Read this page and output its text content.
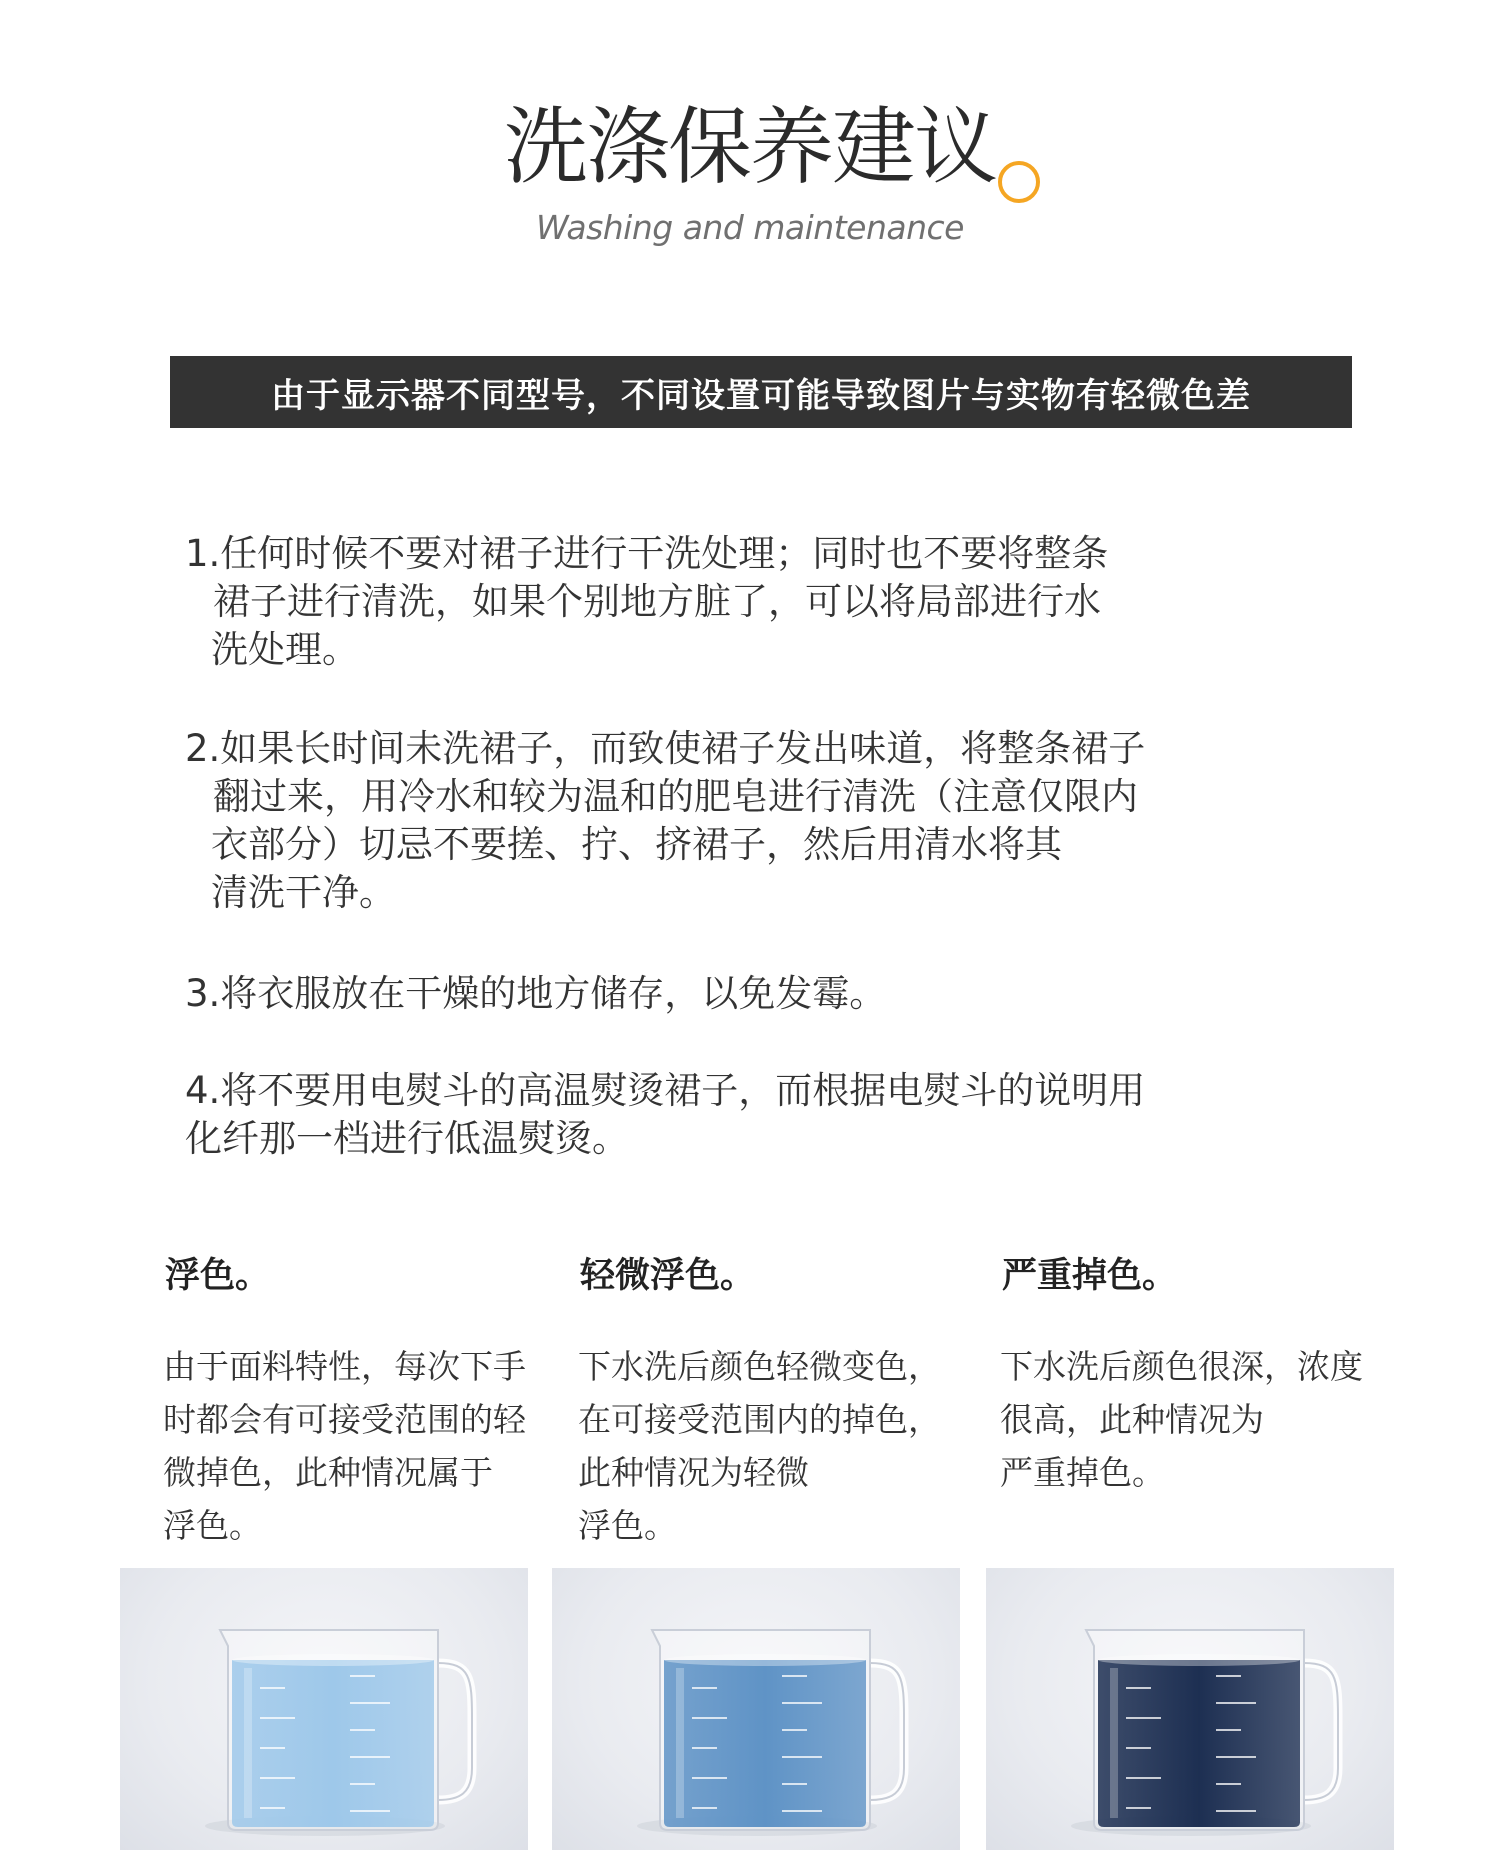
洗涤保养建议
Washing and maintenance
由于显示器不同型号，不同设置可能导致图片与实物有轻微色差

1.任何时候不要对裙子进行干洗处理；同时也不要将整条
裙子进行清洗，如果个别地方脏了，可以将局部进行水
洗处理。

2.如果长时间未洗裙子，而致使裙子发出味道，将整条裙子
翻过来，用冷水和较为温和的肥皂进行清洗（注意仅限内
衣部分）切忌不要搓、拧、挤裙子，然后用清水将其
清洗干净。

3.将衣服放在干燥的地方储存，以免发霉。

4.将不要用电熨斗的高温熨烫裙子，而根据电熨斗的说明用
化纤那一档进行低温熨烫。

浮色。

由于面料特性，每次下手
时都会有可接受范围的轻
微掉色，此种情况属于
浮色。

轻微浮色。

下水洗后颜色轻微变色，
在可接受范围内的掉色，
此种情况为轻微
浮色。

严重掉色。

下水洗后颜色很深，浓度
很高，此种情况为
严重掉色。
